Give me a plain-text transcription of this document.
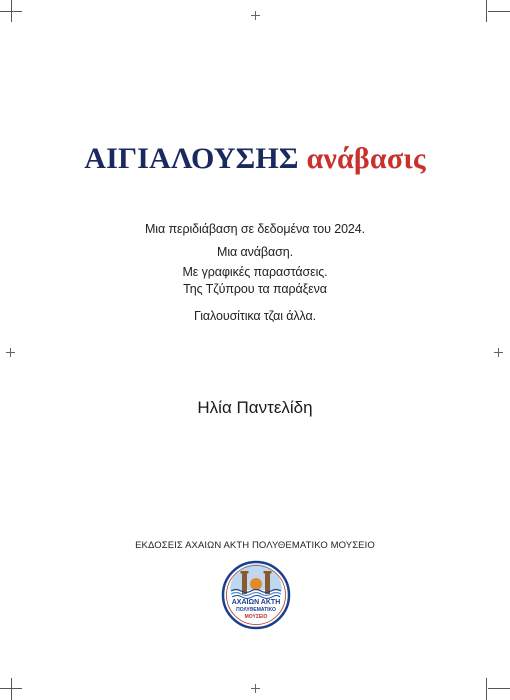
ΑΙΓΙΑΛΟΥΣΗΣ ανάβασις
Μια περιδιάβαση σε δεδομένα του 2024.
Μια ανάβαση.
Με γραφικές παραστάσεις.
Της Τζύπρου τα παράξενα
Γιαλουσίτικα τζαι άλλα.
Ηλία Παντελίδη
ΕΚΔΟΣΕΙΣ ΑΧΑΙΩΝ ΑΚΤΗ ΠΟΛΥΘΕΜΑΤΙΚΟ ΜΟΥΣΕΙΟ
ΑΧΑΙΩΝ ΑΚΤΗ
ΠΟΛΥΘΕΜΑΤΙΚΟ
ΜΟΥΣΕΙΟ
